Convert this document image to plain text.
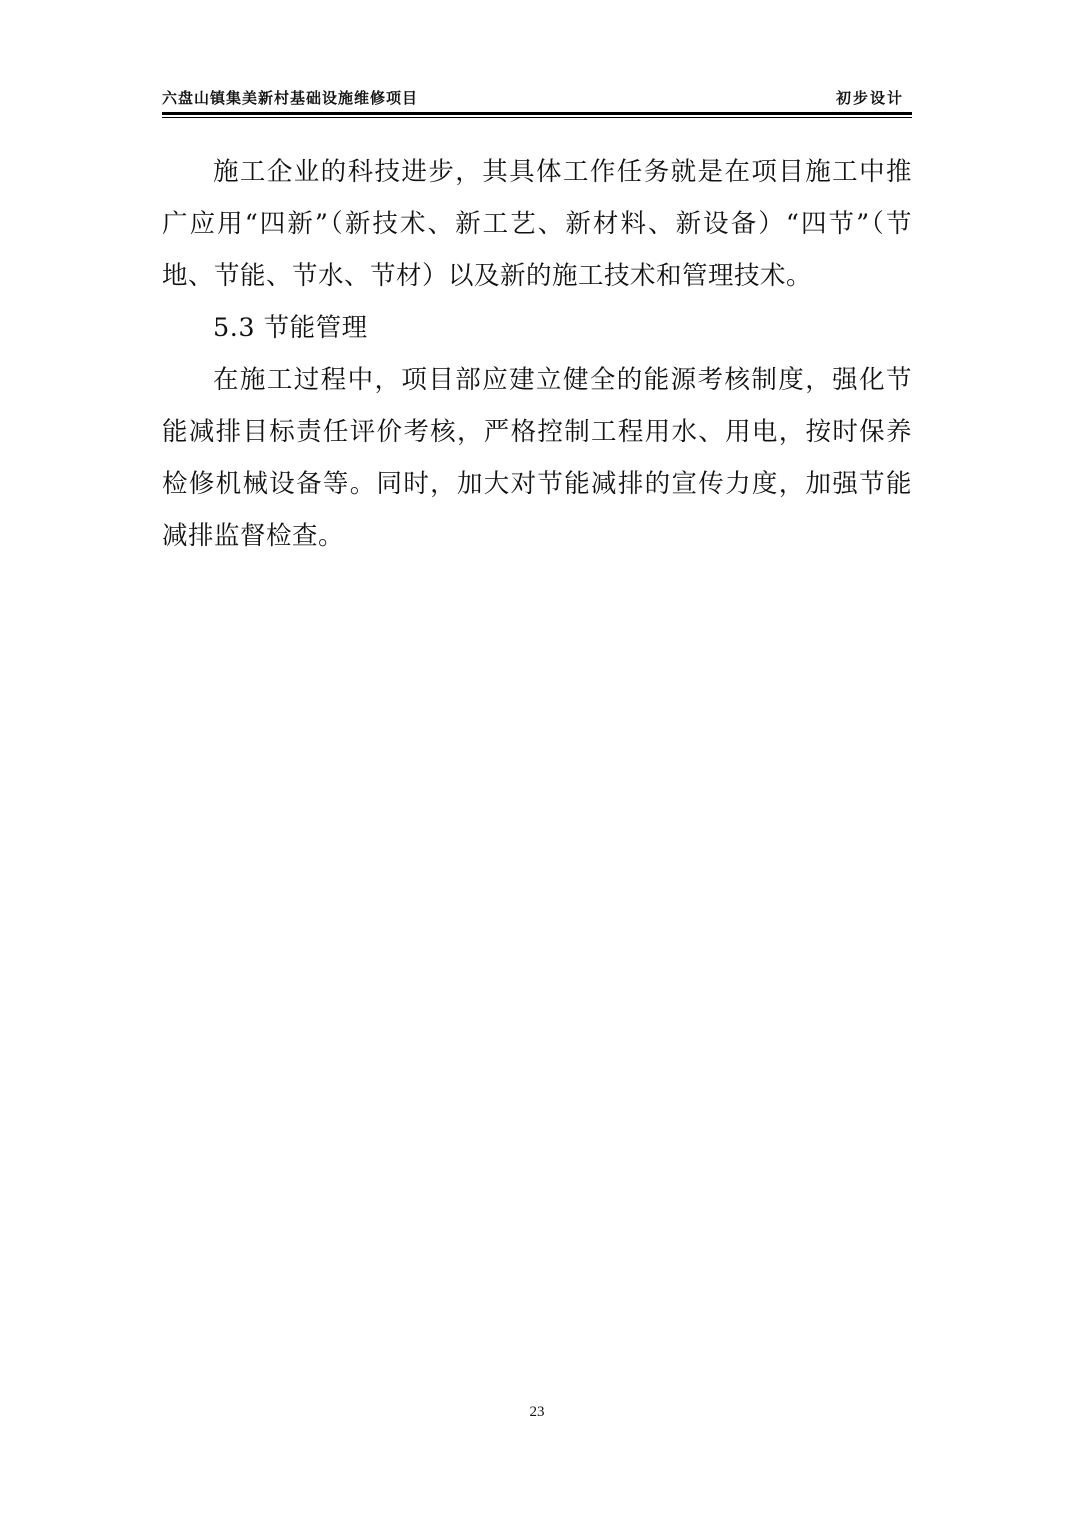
六盘山镇集美新村基础设施维修项目	初步设计

施工企业的科技进步，其具体工作任务就是在项目施工中推广应用“四新”（新技术、新工艺、新材料、新设备）“四节”（节地、节能、节水、节材）以及新的施工技术和管理技术。

5.3 节能管理

在施工过程中，项目部应建立健全的能源考核制度，强化节能减排目标责任评价考核，严格控制工程用水、用电，按时保养检修机械设备等。同时，加大对节能减排的宣传力度，加强节能减排监督检查。

23
